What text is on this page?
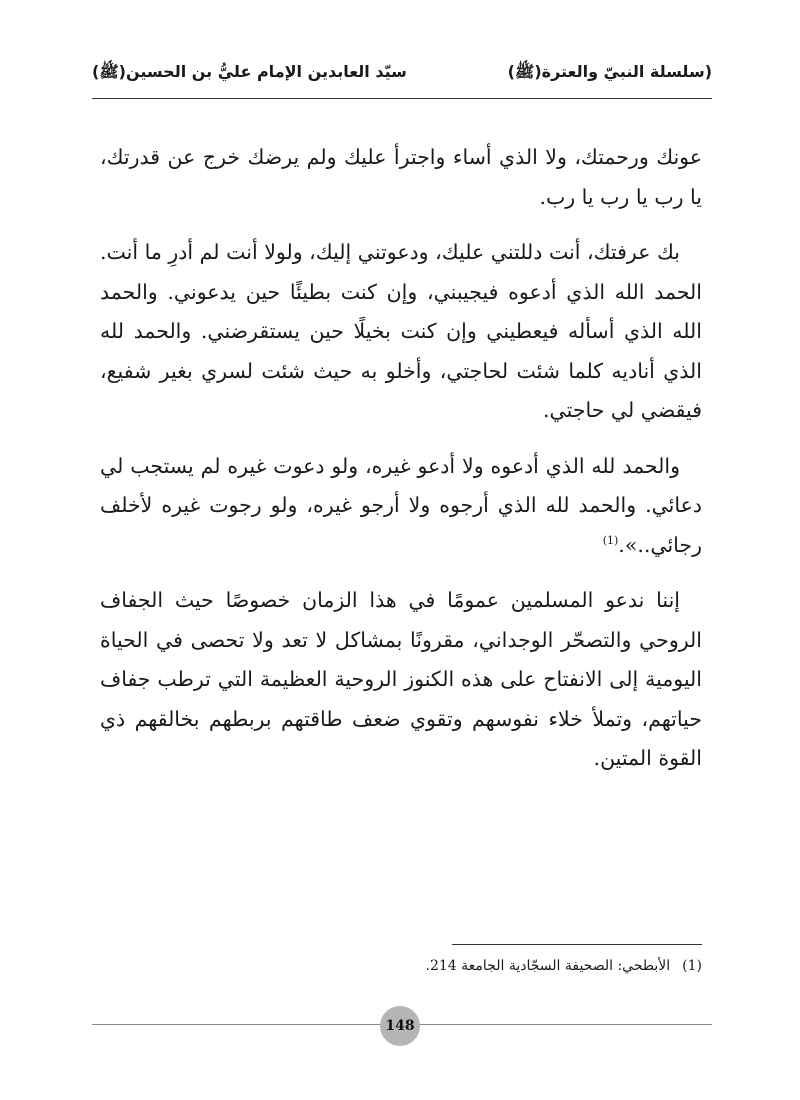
(سلسلة النبيّ والعترة(ﷺ)
سيّد العابدين الإمام عليُّ بن الحسين(ﷺ)

عونك ورحمتك، ولا الذي أساء واجترأ عليك ولم يرضك خرج عن قدرتك، يا رب يا رب يا رب.

بك عرفتك، أنت دللتني عليك، ودعوتني إليك، ولولا أنت لم أدرِ ما أنت. الحمد الله الذي أدعوه فيجيبني، وإن كنت بطيئًا حين يدعوني. والحمد الله الذي أسأله فيعطيني وإن كنت بخيلًا حين يستقرضني. والحمد لله الذي أناديه كلما شئت لحاجتي، وأخلو به حيث شئت لسري بغير شفيع، فيقضي لي حاجتي.

والحمد لله الذي أدعوه ولا أدعو غيره، ولو دعوت غيره لم يستجب لي دعائي. والحمد لله الذي أرجوه ولا أرجو غيره، ولو رجوت غيره لأخلف رجائي..».$^{(1)}$

إننا ندعو المسلمين عمومًا في هذا الزمان خصوصًا حيث الجفاف الروحي والتصحّر الوجداني، مقرونًا بمشاكل لا تعد ولا تحصى في الحياة اليومية إلى الانفتاح على هذه الكنوز الروحية العظيمة التي ترطب جفاف حياتهم، وتملأ خلاء نفوسهم وتقوي ضعف طاقتهم بربطهم بخالقهم ذي القوة المتين.

(1)الأبطحي: الصحيفة السجّادية الجامعة 214.
148
